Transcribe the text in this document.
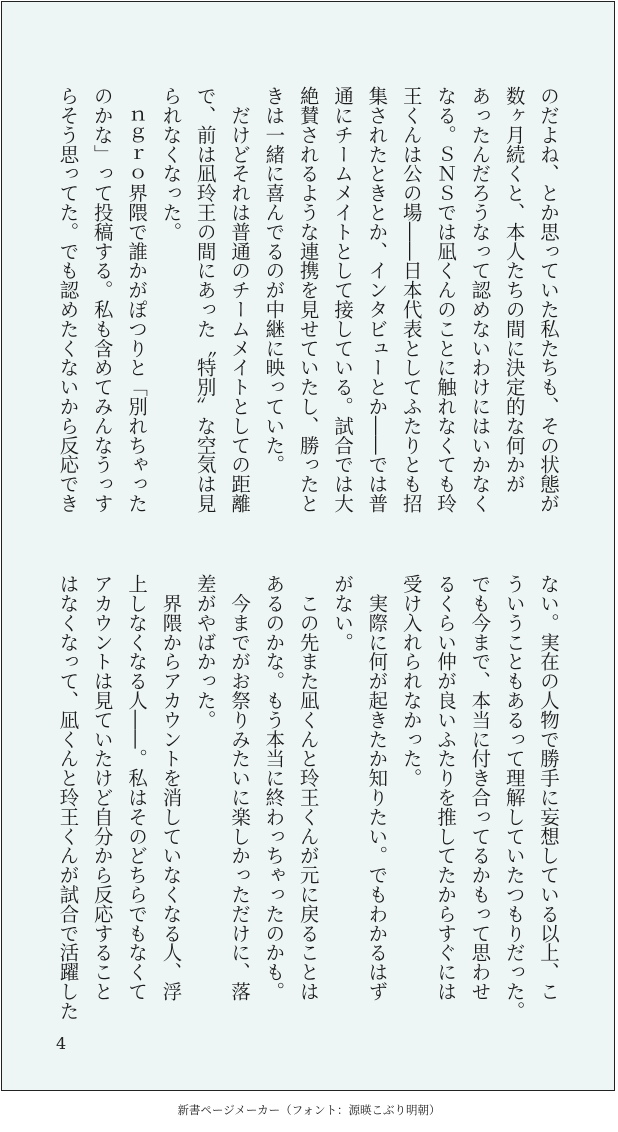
のだよね、とか思っていた私たちも、その状態が
数ヶ月続くと、本人たちの間に決定的な何かが
あったんだろうなって認めないわけにはいかなく
なる。ＳＮＳでは凪くんのことに触れなくても玲
王くんは公の場――日本代表としてふたりとも招
集されたときとか、インタビューとか――では普
通にチームメイトとして接している。試合では大
絶賛されるような連携を見せていたし、勝ったと
きは一緒に喜んでるのが中継に映っていた。
　だけどそれは普通のチームメイトとしての距離
で、前は凪玲王の間にあった〝特別〟な空気は見
られなくなった。
　ｎｇｒｏ界隈で誰かがぽつりと「別れちゃった
のかな」って投稿する。私も含めてみんなうっす
らそう思ってた。でも認めたくないから反応でき
ない。実在の人物で勝手に妄想している以上、こ
ういうこともあるって理解していたつもりだった。
でも今まで、本当に付き合ってるかもって思わせ
るくらい仲が良いふたりを推してたからすぐには
受け入れられなかった。
　実際に何が起きたか知りたい。でもわかるはず
がない。
　この先また凪くんと玲王くんが元に戻ることは
あるのかな。もう本当に終わっちゃったのかも。
　今までがお祭りみたいに楽しかっただけに、落
差がやばかった。
　界隈からアカウントを消していなくなる人、浮
上しなくなる人――。私はそのどちらでもなくて
アカウントは見ていたけど自分から反応すること
はなくなって、凪くんと玲王くんが試合で活躍した
4
新書ページメーカー（フォント：源暎こぶり明朝）
